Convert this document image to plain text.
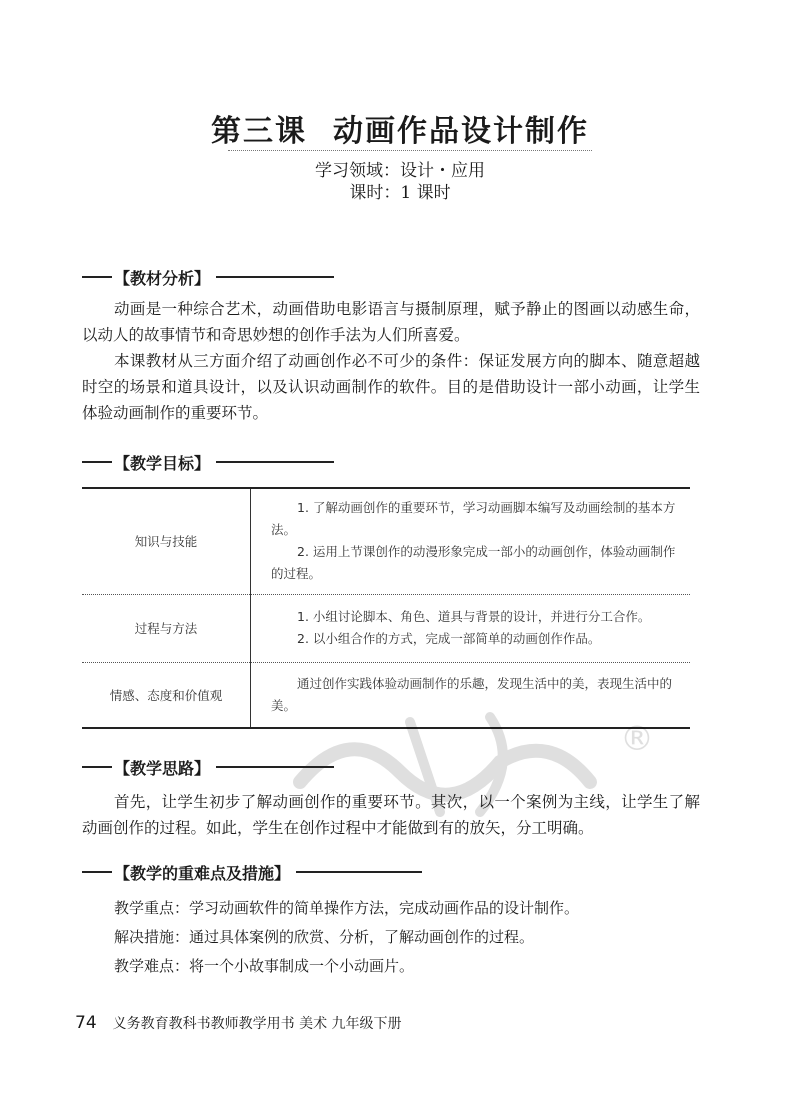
第三课 动画作品设计制作
学习领域：设计・应用
课时：1 课时
【教材分析】

动画是一种综合艺术，动画借助电影语言与摄制原理，赋予静止的图画以动感生命，以动人的故事情节和奇思妙想的创作手法为人们所喜爱。

本课教材从三方面介绍了动画创作必不可少的条件：保证发展方向的脚本、随意超越时空的场景和道具设计，以及认识动画制作的软件。目的是借助设计一部小动画，让学生体验动画制作的重要环节。

【教学目标】
知识与技能	1. 了解动画创作的重要环节，学习动画脚本编写及动画绘制的基本方法。

2. 运用上节课创作的动漫形象完成一部小的动画创作，体验动画制作的过程。

过程与方法	1. 小组讨论脚本、角色、道具与背景的设计，并进行分工合作。

2. 以小组合作的方式，完成一部简单的动画创作作品。

情感、态度和价值观	通过创作实践体验动画制作的乐趣，发现生活中的美，表现生活中的美。

®
【教学思路】

首先，让学生初步了解动画创作的重要环节。其次，以一个案例为主线，让学生了解动画创作的过程。如此，学生在创作过程中才能做到有的放矢，分工明确。

【教学的重难点及措施】

教学重点：学习动画软件的简单操作方法，完成动画作品的设计制作。

解决措施：通过具体案例的欣赏、分析，了解动画创作的过程。

教学难点：将一个小故事制成一个小动画片。

74 义务教育教科书教师教学用书 美术 九年级下册
